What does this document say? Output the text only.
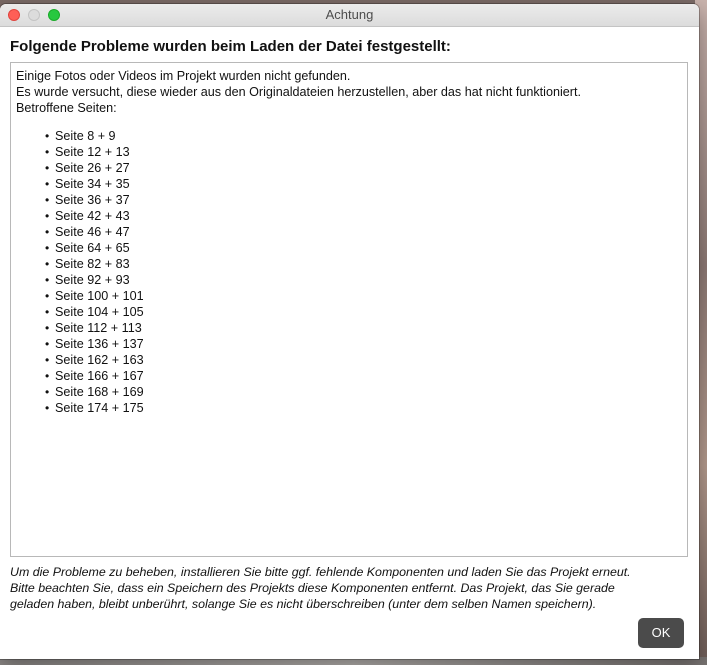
Achtung
Folgende Probleme wurden beim Laden der Datei festgestellt:
Einige Fotos oder Videos im Projekt wurden nicht gefunden.
Es wurde versucht, diese wieder aus den Originaldateien herzustellen, aber das hat nicht funktioniert.
Betroffene Seiten:
• Seite 8 + 9
• Seite 12 + 13
• Seite 26 + 27
• Seite 34 + 35
• Seite 36 + 37
• Seite 42 + 43
• Seite 46 + 47
• Seite 64 + 65
• Seite 82 + 83
• Seite 92 + 93
• Seite 100 + 101
• Seite 104 + 105
• Seite 112 + 113
• Seite 136 + 137
• Seite 162 + 163
• Seite 166 + 167
• Seite 168 + 169
• Seite 174 + 175
Um die Probleme zu beheben, installieren Sie bitte ggf. fehlende Komponenten und laden Sie das Projekt erneut.
Bitte beachten Sie, dass ein Speichern des Projekts diese Komponenten entfernt. Das Projekt, das Sie gerade
geladen haben, bleibt unberührt, solange Sie es nicht überschreiben (unter dem selben Namen speichern).
OK
